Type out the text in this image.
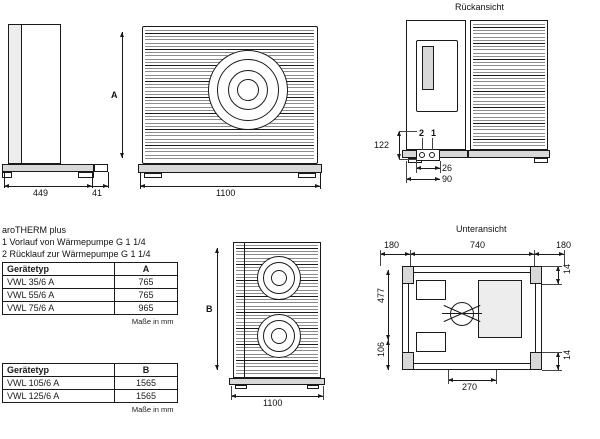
449	41
A
1100
Rückansicht
2 1
122
26
90
aroTHERM plus
1 Vorlauf von Wärmepumpe G 1 1/4
2 Rücklauf zur Wärmepumpe G 1 1/4
Gerätetyp	A
VWL 35/6 A	765
VWL 55/6 A	765
VWL 75/6 A	965
Maße in mm	
Gerätetyp	B
VWL 105/6 A	1565
VWL 125/6 A	1565
Maße in mm	
B
1100
Unteransicht
180	740	180
477
106
270
14
14
